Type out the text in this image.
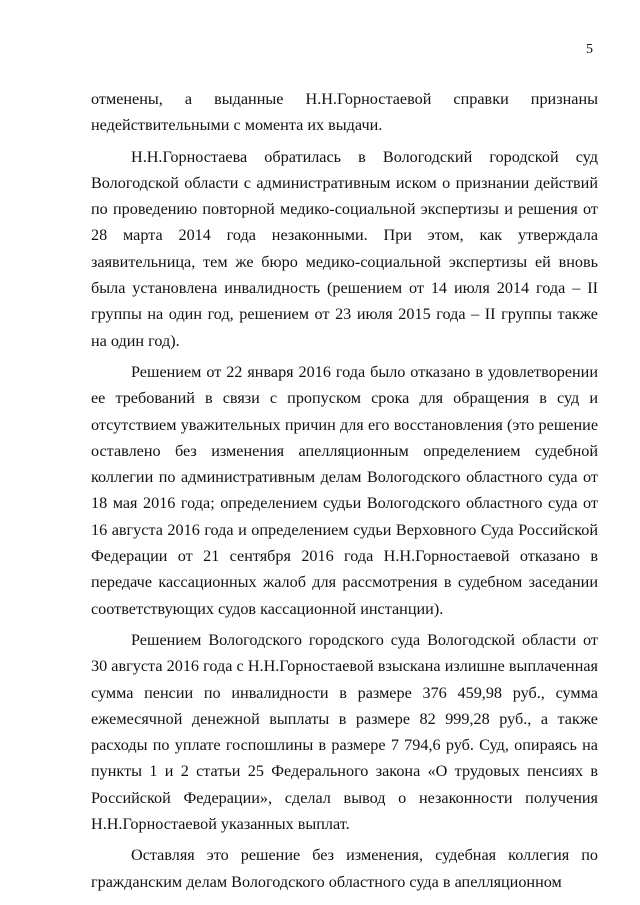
5

отменены, а выданные Н.Н.Горностаевой справки признаны недействительными с момента их выдачи.

Н.Н.Горностаева обратилась в Вологодский городской суд Вологодской области с административным иском о признании действий по проведению повторной медико-социальной экспертизы и решения от 28 марта 2014 года незаконными. При этом, как утверждала заявительница, тем же бюро медико-социальной экспертизы ей вновь была установлена инвалидность (решением от 14 июля 2014 года – II группы на один год, решением от 23 июля 2015 года – II группы также на один год).

Решением от 22 января 2016 года было отказано в удовлетворении ее требований в связи с пропуском срока для обращения в суд и отсутствием уважительных причин для его восстановления (это решение оставлено без изменения апелляционным определением судебной коллегии по административным делам Вологодского областного суда от 18 мая 2016 года; определением судьи Вологодского областного суда от 16 августа 2016 года и определением судьи Верховного Суда Российской Федерации от 21 сентября 2016 года Н.Н.Горностаевой отказано в передаче кассационных жалоб для рассмотрения в судебном заседании соответствующих судов кассационной инстанции).

Решением Вологодского городского суда Вологодской области от 30 августа 2016 года с Н.Н.Горностаевой взыскана излишне выплаченная сумма пенсии по инвалидности в размере 376 459,98 руб., сумма ежемесячной денежной выплаты в размере 82 999,28 руб., а также расходы по уплате госпошлины в размере 7 794,6 руб. Суд, опираясь на пункты 1 и 2 статьи 25 Федерального закона «О трудовых пенсиях в Российской Федерации», сделал вывод о незаконности получения Н.Н.Горностаевой указанных выплат.

Оставляя это решение без изменения, судебная коллегия по гражданским делам Вологодского областного суда в апелляционном
